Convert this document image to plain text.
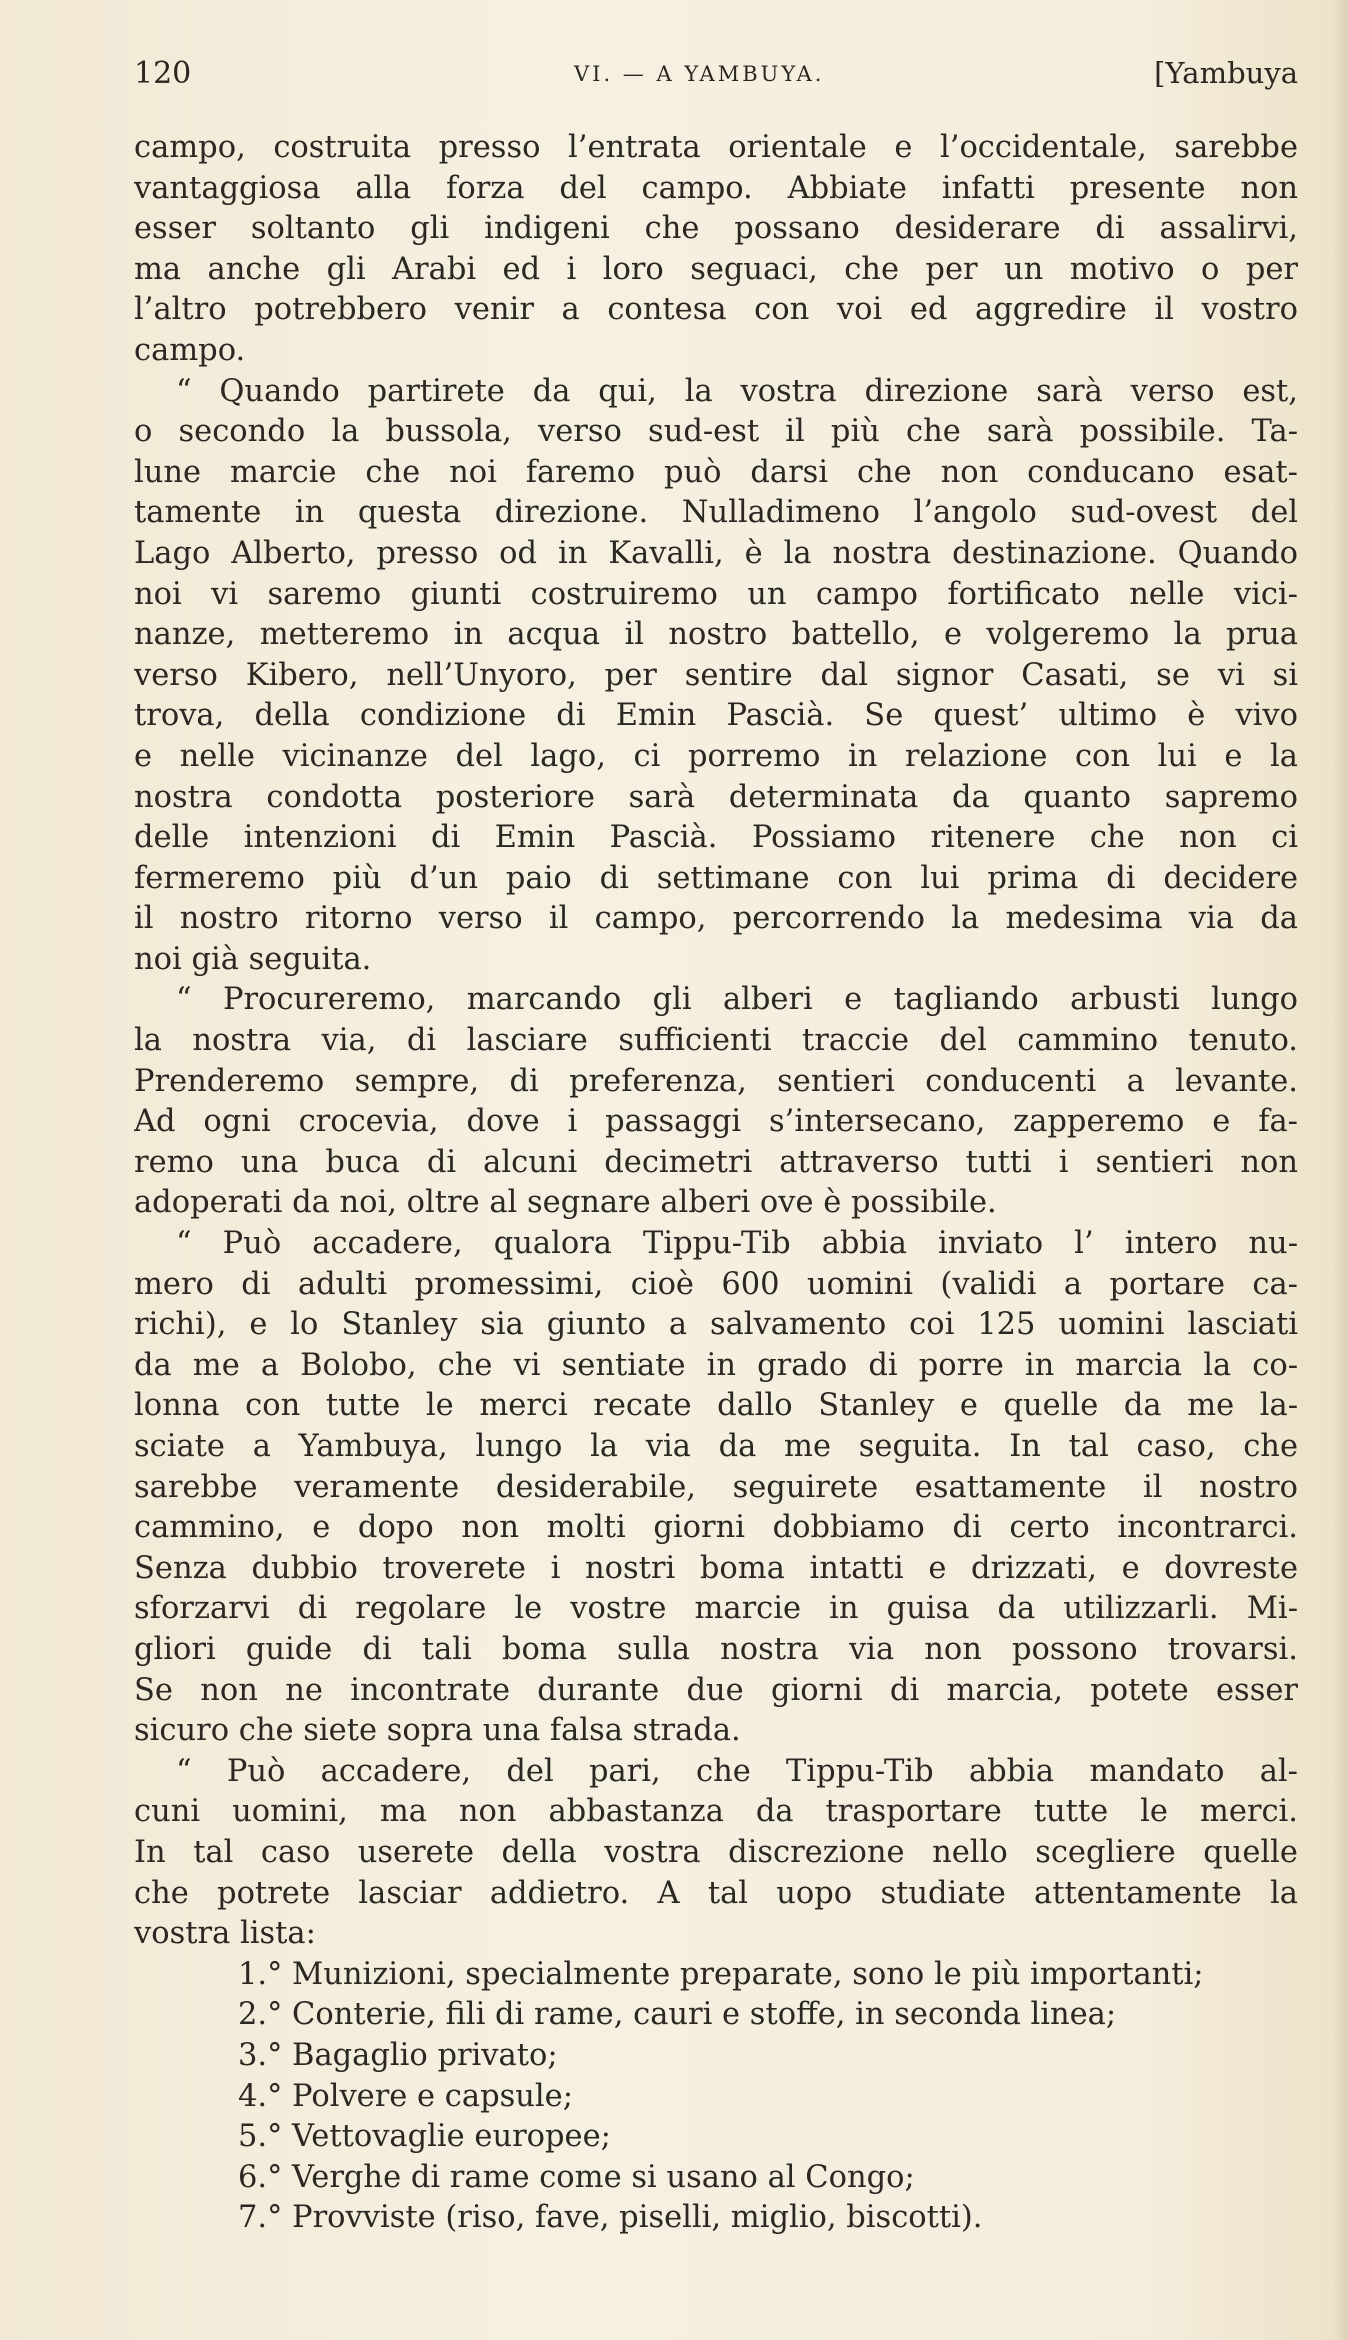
120	VI. — A YAMBUYA.	[Yambuya
campo, costruita presso l’entrata orientale e l’occidentale, sarebbe
vantaggiosa alla forza del campo. Abbiate infatti presente non
esser soltanto gli indigeni che possano desiderare di assalirvi,
ma anche gli Arabi ed i loro seguaci, che per un motivo o per
l’altro potrebbero venir a contesa con voi ed aggredire il vostro
campo.
“ Quando partirete da qui, la vostra direzione sarà verso est,
o secondo la bussola, verso sud-est il più che sarà possibile. Ta-
lune marcie che noi faremo può darsi che non conducano esat-
tamente in questa direzione. Nulladimeno l’angolo sud-ovest del
Lago Alberto, presso od in Kavalli, è la nostra destinazione. Quando
noi vi saremo giunti costruiremo un campo fortificato nelle vici-
nanze, metteremo in acqua il nostro battello, e volgeremo la prua
verso Kibero, nell’Unyoro, per sentire dal signor Casati, se vi si
trova, della condizione di Emin Pascià. Se quest’ ultimo è vivo
e nelle vicinanze del lago, ci porremo in relazione con lui e la
nostra condotta posteriore sarà determinata da quanto sapremo
delle intenzioni di Emin Pascià. Possiamo ritenere che non ci
fermeremo più d’un paio di settimane con lui prima di decidere
il nostro ritorno verso il campo, percorrendo la medesima via da
noi già seguita.
“ Procureremo, marcando gli alberi e tagliando arbusti lungo
la nostra via, di lasciare sufficienti traccie del cammino tenuto.
Prenderemo sempre, di preferenza, sentieri conducenti a levante.
Ad ogni crocevia, dove i passaggi s’intersecano, zapperemo e fa-
remo una buca di alcuni decimetri attraverso tutti i sentieri non
adoperati da noi, oltre al segnare alberi ove è possibile.
“ Può accadere, qualora Tippu-Tib abbia inviato l’ intero nu-
mero di adulti promessimi, cioè 600 uomini (validi a portare ca-
richi), e lo Stanley sia giunto a salvamento coi 125 uomini lasciati
da me a Bolobo, che vi sentiate in grado di porre in marcia la co-
lonna con tutte le merci recate dallo Stanley e quelle da me la-
sciate a Yambuya, lungo la via da me seguita. In tal caso, che
sarebbe veramente desiderabile, seguirete esattamente il nostro
cammino, e dopo non molti giorni dobbiamo di certo incontrarci.
Senza dubbio troverete i nostri boma intatti e drizzati, e dovreste
sforzarvi di regolare le vostre marcie in guisa da utilizzarli. Mi-
gliori guide di tali boma sulla nostra via non possono trovarsi.
Se non ne incontrate durante due giorni di marcia, potete esser
sicuro che siete sopra una falsa strada.
“ Può accadere, del pari, che Tippu-Tib abbia mandato al-
cuni uomini, ma non abbastanza da trasportare tutte le merci.
In tal caso userete della vostra discrezione nello scegliere quelle
che potrete lasciar addietro. A tal uopo studiate attentamente la
vostra lista:
1.° Munizioni, specialmente preparate, sono le più importanti;
2.° Conterie, fili di rame, cauri e stoffe, in seconda linea;
3.° Bagaglio privato;
4.° Polvere e capsule;
5.° Vettovaglie europee;
6.° Verghe di rame come si usano al Congo;
7.° Provviste (riso, fave, piselli, miglio, biscotti).
